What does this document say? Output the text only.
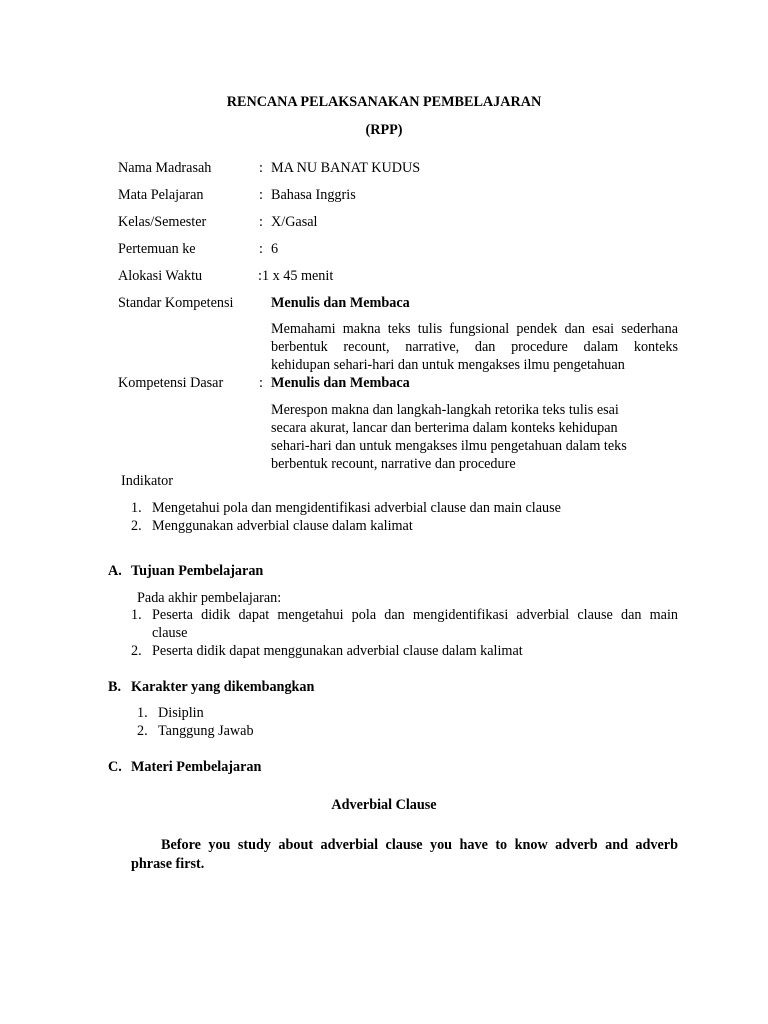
RENCANA PELAKSANAKAN PEMBELAJARAN
(RPP)
Nama Madrasah	: MA NU BANAT KUDUS
Mata Pelajaran	: Bahasa Inggris
Kelas/Semester	: X/Gasal
Pertemuan ke	: 6
Alokasi Waktu	:1 x 45 menit
Standar Kompetensi	Menulis dan Membaca
Memahami makna teks tulis fungsional pendek dan esai sederhana
berbentuk recount, narrative, dan procedure dalam konteks
kehidupan sehari-hari dan untuk mengakses ilmu pengetahuan
Kompetensi Dasar	: Menulis dan Membaca
Merespon makna dan langkah-langkah retorika teks tulis esai
secara akurat, lancar dan berterima dalam konteks kehidupan
sehari-hari dan untuk mengakses ilmu pengetahuan dalam teks
berbentuk recount, narrative dan procedure
Indikator
1. Mengetahui pola dan mengidentifikasi adverbial clause dan main clause
2. Menggunakan adverbial clause dalam kalimat
A. Tujuan Pembelajaran
Pada akhir pembelajaran:
1. Peserta didik dapat mengetahui pola dan mengidentifikasi adverbial clause dan main
clause
2. Peserta didik dapat menggunakan adverbial clause dalam kalimat
B. Karakter yang dikembangkan
1. Disiplin
2. Tanggung Jawab
C. Materi Pembelajaran
Adverbial Clause
Before you study about adverbial clause you have to know adverb and adverb
phrase first.
